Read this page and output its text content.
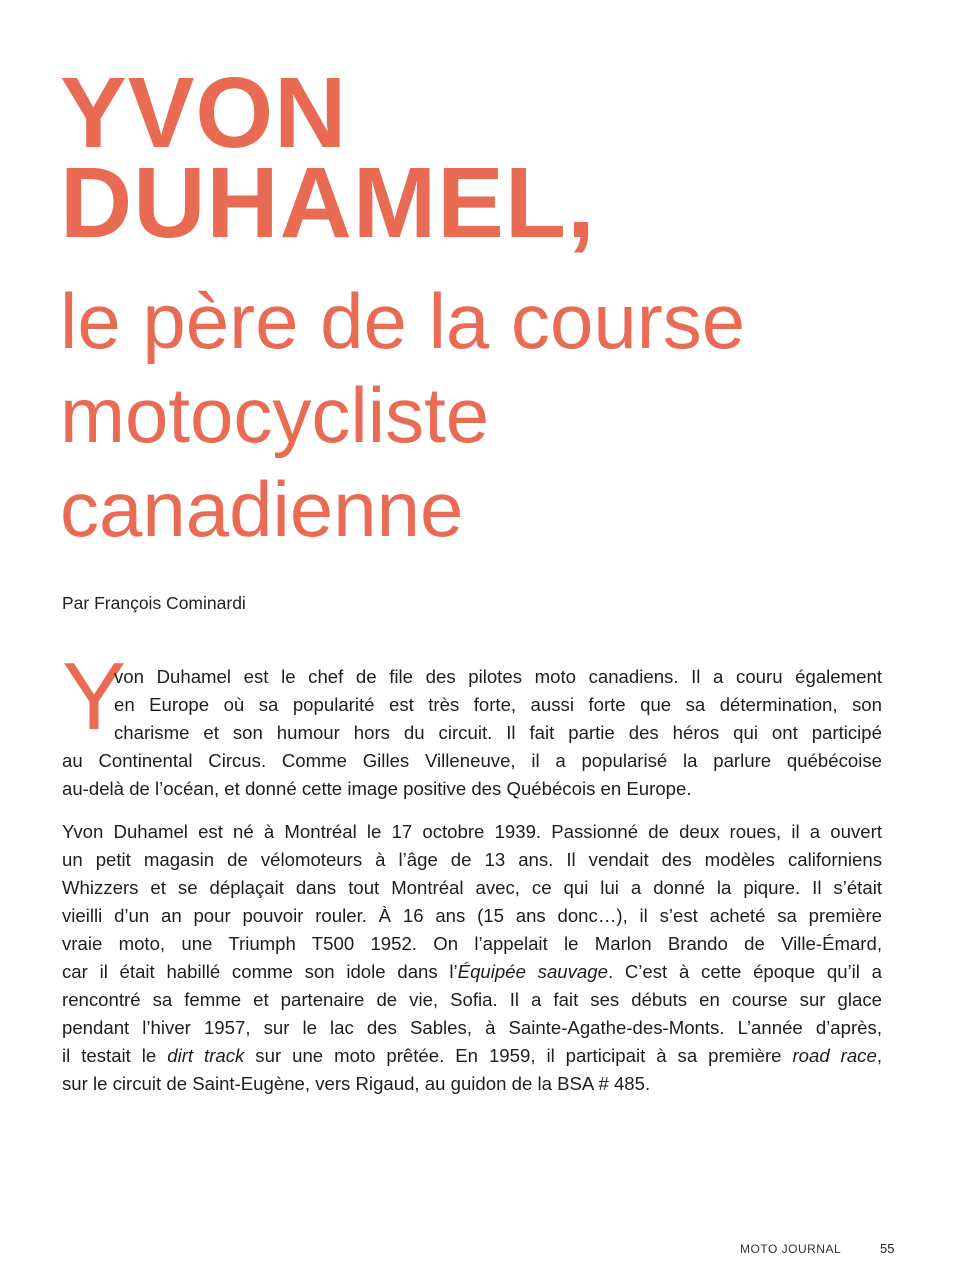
YVON
DUHAMEL,
le père de la course
motocycliste
canadienne
Par François Cominardi
Y
von Duhamel est le chef de file des pilotes moto canadiens. Il a couru également
en Europe où sa popularité est très forte, aussi forte que sa détermination, son
charisme et son humour hors du circuit. Il fait partie des héros qui ont participé
au Continental Circus. Comme Gilles Villeneuve, il a popularisé la parlure québécoise
au-delà de l’océan, et donné cette image positive des Québécois en Europe.
Yvon Duhamel est né à Montréal le 17 octobre 1939. Passionné de deux roues, il a ouvert
un petit magasin de vélomoteurs à l’âge de 13 ans. Il vendait des modèles californiens
Whizzers et se déplaçait dans tout Montréal avec, ce qui lui a donné la piqure. Il s’était
vieilli d’un an pour pouvoir rouler. À 16 ans (15 ans donc…), il s’est acheté sa première
vraie moto, une Triumph T500 1952. On l’appelait le Marlon Brando de Ville-Émard,
car il était habillé comme son idole dans l’Équipée sauvage. C’est à cette époque qu’il a
rencontré sa femme et partenaire de vie, Sofia. Il a fait ses débuts en course sur glace
pendant l’hiver 1957, sur le lac des Sables, à Sainte-Agathe-des-Monts. L’année d’après,
il testait le dirt track sur une moto prêtée. En 1959, il participait à sa première road race,
sur le circuit de Saint-Eugène, vers Rigaud, au guidon de la BSA # 485.
MOTO JOURNAL	55
